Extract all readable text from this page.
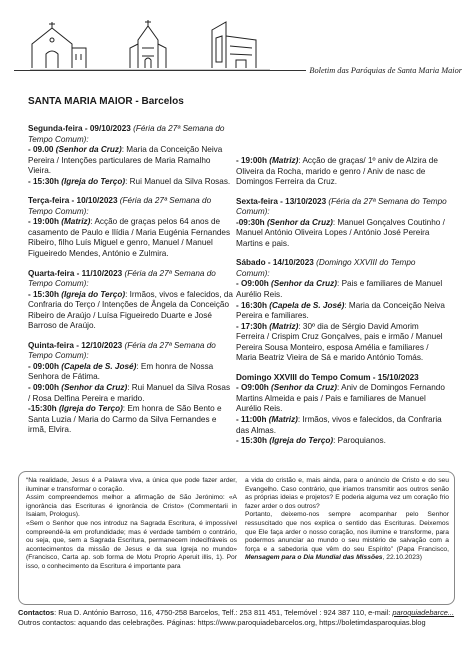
Boletim das Paróquias de Santa Maria Maior
SANTA MARIA MAIOR - Barcelos
Segunda-feira - 09/10/2023 (Féria da 27ª Semana do Tempo Comum):
- 09.00 (Senhor da Cruz): Maria da Conceição Neiva Pereira / Intenções particulares de Maria Ramalho Vieira.
- 15:30h (Igreja do Terço): Rui Manuel da Silva Rosas.
Terça-feira - 10/10/2023 (Féria da 27ª Semana do Tempo Comum):
- 19:00h (Matriz): Acção de graças pelos 64 anos de casamento de Paulo e Ilídia / Maria Eugénia Fernandes Ribeiro, filho Luís Miguel e genro, Manuel / Manuel Figueiredo Mendes, António e Zulmira.
Quarta-feira - 11/10/2023 (Féria da 27ª Semana do Tempo Comum):
- 15:30h (Igreja do Terço): Irmãos, vivos e falecidos, da Confraria do Terço / Intenções de Ângela da Conceição Ribeiro de Araújo / Luísa Figueiredo Duarte e José Barroso de Araújo.
Quinta-feira - 12/10/2023 (Féria da 27ª Semana do Tempo Comum):
- 09:00h (Capela de S. José): Em honra de Nossa Senhora de Fátima.
- 09:00h (Senhor da Cruz): Rui Manuel da Silva Rosas / Rosa Delfina Pereira e marido.
-15:30h (Igreja do Terço): Em honra de São Bento e Santa Luzia / Maria do Carmo da Silva Fernandes e irmã, Elvira.
- 19:00h (Matriz): Acção de graças/ 1º aniv de Alzira de Oliveira da Rocha, marido e genro / Aniv de nasc de Domingos Ferreira da Cruz.
Sexta-feira - 13/10/2023 (Féria da 27ª Semana do Tempo Comum):
-09:30h (Senhor da Cruz): Manuel Gonçalves Coutinho / Manuel António Oliveira Lopes / António José Pereira Martins e pais.
Sábado - 14/10/2023 (Domingo XXVIII do Tempo Comum):
- O9:00h (Senhor da Cruz): Pais e familiares de Manuel Aurélio Reis.
- 16:30h (Capela de S. José): Maria da Conceição Neiva Pereira e familiares.
- 17:30h (Matriz): 30º dia de Sérgio David Amorim Ferreira / Crispim Cruz Gonçalves, pais e irmão / Manuel Pereira Sousa Monteiro, esposa Amélia e familiares / Maria Beatriz Vieira de Sá e marido António Tomás.
Domingo XXVIII do Tempo Comum - 15/10/2023
- O9:00h (Senhor da Cruz): Aniv de Domingos Fernando Martins Almeida e pais / Pais e familiares de Manuel Aurélio Reis.
- 11:00h (Matriz): Irmãos, vivos e falecidos, da Confraria das Almas.
- 15:30h (Igreja do Terço): Paroquianos.

“Na realidade, Jesus é a Palavra viva, a única que pode fazer arder, iluminar e transformar o coração.

Assim compreendemos melhor a afirmação de São Jerónimo: «A ignorância das Escrituras é ignorância de Cristo» (Commentarii in Isaiam, Prologus).

«Sem o Senhor que nos introduz na Sagrada Escritura, é impossível compreendê-la em profundidade; mas é verdade também o contrário, ou seja, que, sem a Sagrada Escritura, permanecem indecifráveis os acontecimentos da missão de Jesus e da sua Igreja no mundo» (Francisco, Carta ap. sob forma de Motu Proprio Aperuit illis, 1). Por isso, o conhecimento da Escritura é importante para

a vida do cristão e, mais ainda, para o anúncio de Cristo e do seu Evangelho. Caso contrário, que iríamos transmitir aos outros senão as próprias ideias e projetos? E poderia alguma vez um coração frio fazer arder o dos outros?
Portanto, deixemo-nos sempre acompanhar pelo Senhor ressuscitado que nos explica o sentido das Escrituras. Deixemos que Ele faça arder o nosso coração, nos ilumine e transforme, para podermos anunciar ao mundo o seu mistério de salvação com a força e a sabedoria que vêm do seu Espírito” (Papa Francisco, Mensagem para o Dia Mundial das Missões, 22.10.2023)
Contactos: Rua D. António Barroso, 116, 4750-258 Barcelos, Telf.: 253 811 451, Telemóvel : 924 387 110, e-mail: paroquiadebarce...
Outros contactos: aquando das celebrações. Páginas: https://www.paroquiadebarcelos.org, https://boletimdasparoquias.blog
